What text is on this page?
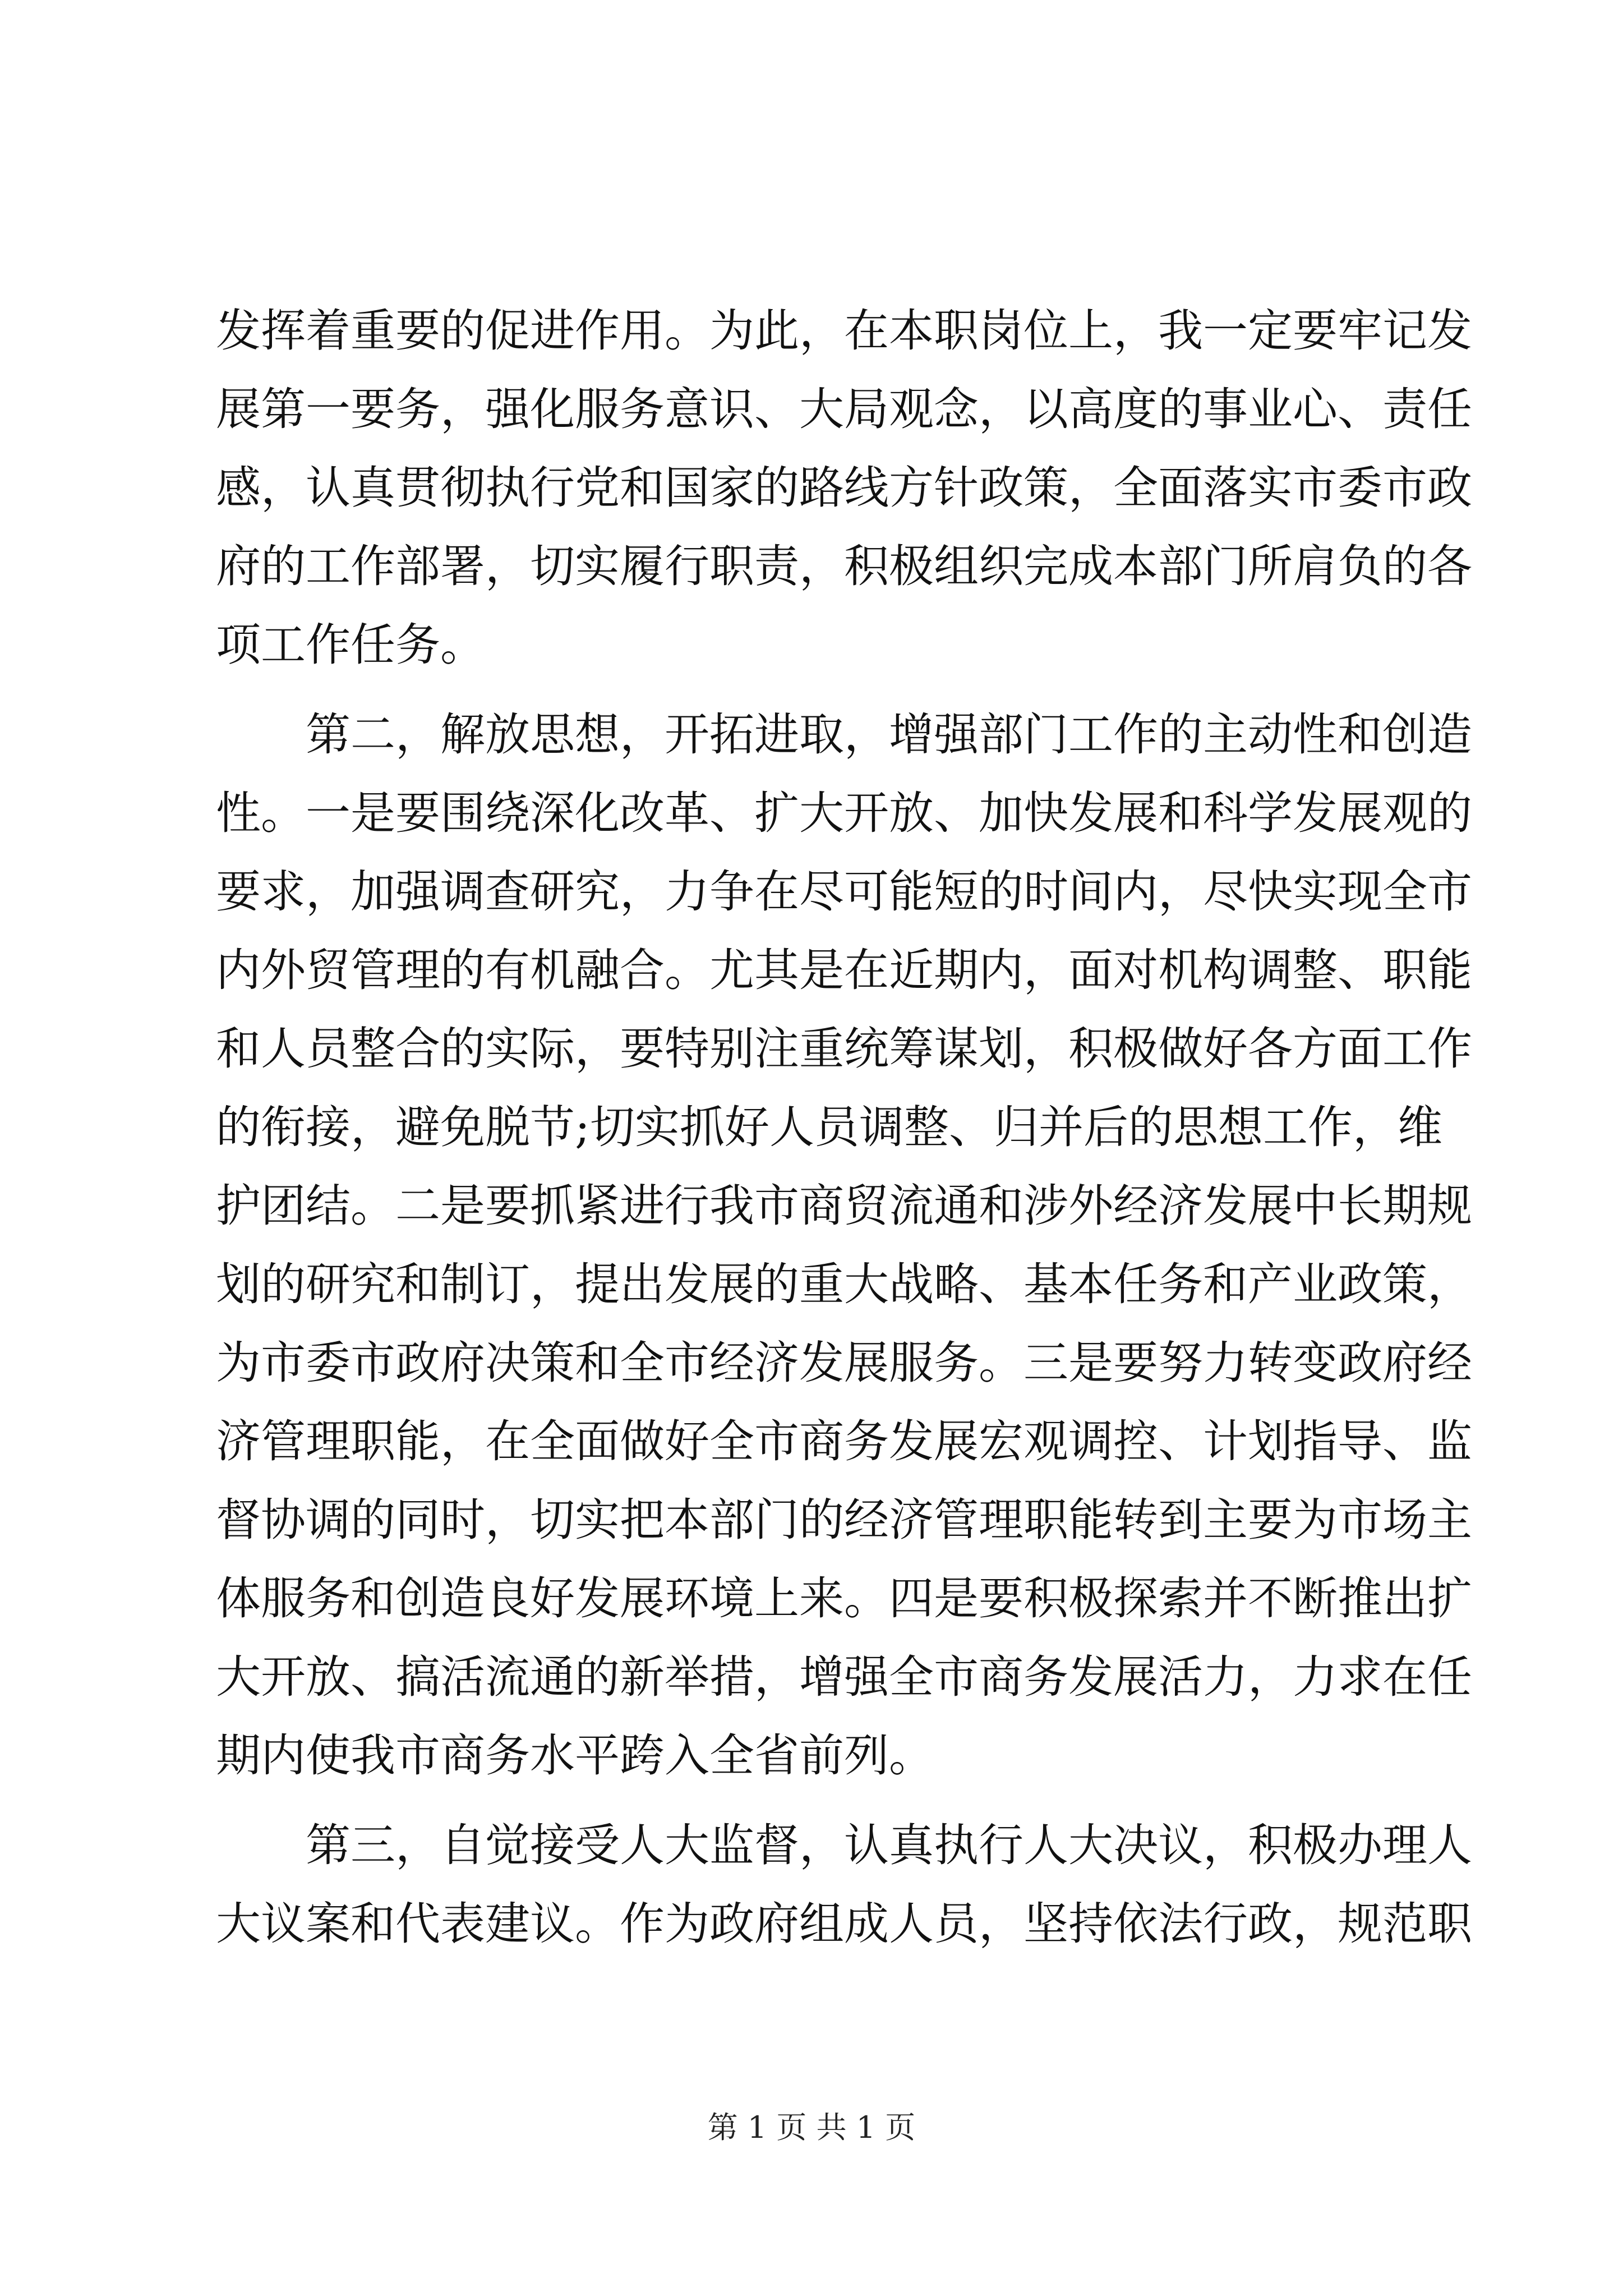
发挥着重要的促进作用。为此，在本职岗位上，我一定要牢记发
展第一要务，强化服务意识、大局观念，以高度的事业心、责任
感，认真贯彻执行党和国家的路线方针政策，全面落实市委市政
府的工作部署，切实履行职责，积极组织完成本部门所肩负的各
项工作任务。
第二，解放思想，开拓进取，增强部门工作的主动性和创造
性。一是要围绕深化改革、扩大开放、加快发展和科学发展观的
要求，加强调查研究，力争在尽可能短的时间内，尽快实现全市
内外贸管理的有机融合。尤其是在近期内，面对机构调整、职能
和人员整合的实际，要特别注重统筹谋划，积极做好各方面工作
的衔接，避免脱节;切实抓好人员调整、归并后的思想工作，维
护团结。二是要抓紧进行我市商贸流通和涉外经济发展中长期规
划的研究和制订，提出发展的重大战略、基本任务和产业政策，
为市委市政府决策和全市经济发展服务。三是要努力转变政府经
济管理职能，在全面做好全市商务发展宏观调控、计划指导、监
督协调的同时，切实把本部门的经济管理职能转到主要为市场主
体服务和创造良好发展环境上来。四是要积极探索并不断推出扩
大开放、搞活流通的新举措，增强全市商务发展活力，力求在任
期内使我市商务水平跨入全省前列。
第三，自觉接受人大监督，认真执行人大决议，积极办理人
大议案和代表建议。作为政府组成人员，坚持依法行政，规范职
第 1 页 共 1 页
